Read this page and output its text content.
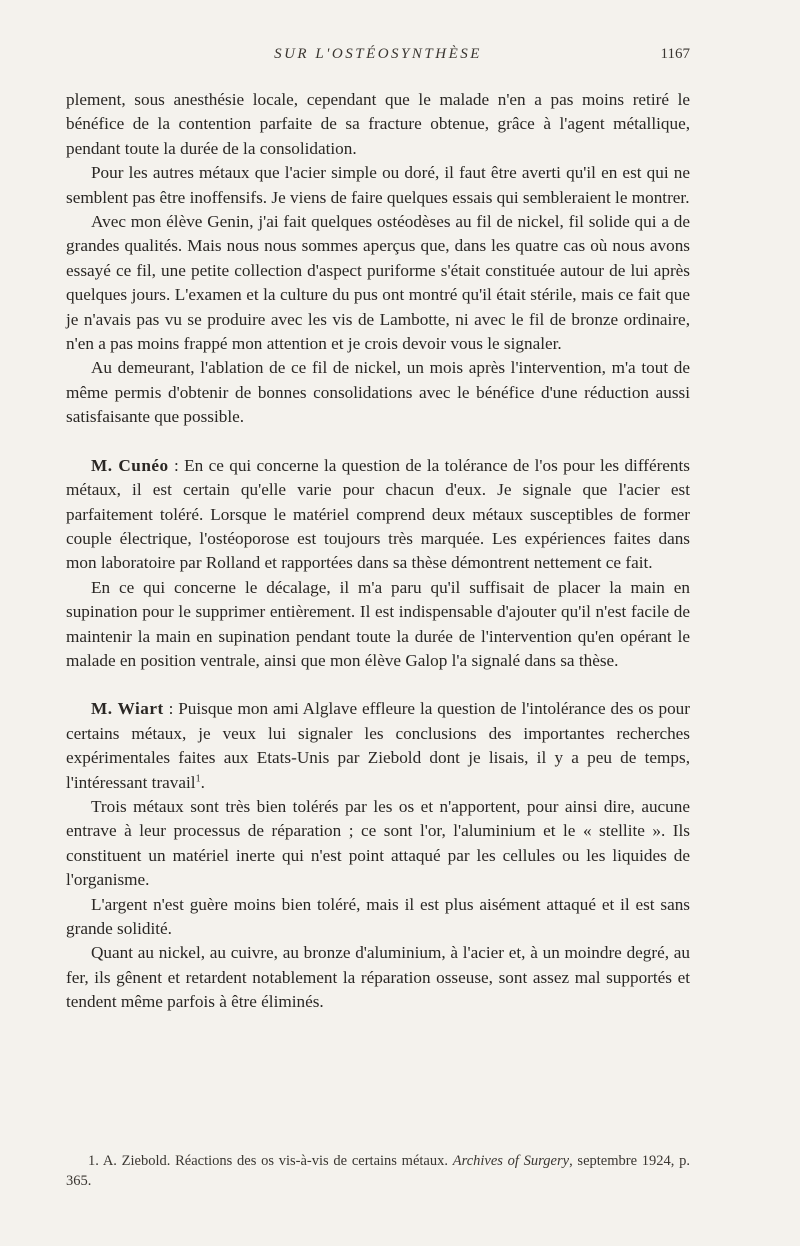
SUR L'OSTÉOSYNTHÈSE	1167

plement, sous anesthésie locale, cependant que le malade n'en a pas moins retiré le bénéfice de la contention parfaite de sa fracture obtenue, grâce à l'agent métallique, pendant toute la durée de la consolidation.

Pour les autres métaux que l'acier simple ou doré, il faut être averti qu'il en est qui ne semblent pas être inoffensifs. Je viens de faire quelques essais qui sembleraient le montrer.

Avec mon élève Genin, j'ai fait quelques ostéodèses au fil de nickel, fil solide qui a de grandes qualités. Mais nous nous sommes aperçus que, dans les quatre cas où nous avons essayé ce fil, une petite collection d'aspect puriforme s'était constituée autour de lui après quelques jours. L'examen et la culture du pus ont montré qu'il était stérile, mais ce fait que je n'avais pas vu se produire avec les vis de Lambotte, ni avec le fil de bronze ordinaire, n'en a pas moins frappé mon attention et je crois devoir vous le signaler.

Au demeurant, l'ablation de ce fil de nickel, un mois après l'intervention, m'a tout de même permis d'obtenir de bonnes consolidations avec le bénéfice d'une réduction aussi satisfaisante que possible.

M. Cunéo : En ce qui concerne la question de la tolérance de l'os pour les différents métaux, il est certain qu'elle varie pour chacun d'eux. Je signale que l'acier est parfaitement toléré. Lorsque le matériel comprend deux métaux susceptibles de former couple électrique, l'ostéoporose est toujours très marquée. Les expériences faites dans mon laboratoire par Rolland et rapportées dans sa thèse démontrent nettement ce fait.

En ce qui concerne le décalage, il m'a paru qu'il suffisait de placer la main en supination pour le supprimer entièrement. Il est indispensable d'ajouter qu'il n'est facile de maintenir la main en supination pendant toute la durée de l'intervention qu'en opérant le malade en position ventrale, ainsi que mon élève Galop l'a signalé dans sa thèse.

M. Wiart : Puisque mon ami Alglave effleure la question de l'intolérance des os pour certains métaux, je veux lui signaler les conclusions des importantes recherches expérimentales faites aux Etats-Unis par Ziebold dont je lisais, il y a peu de temps, l'intéressant travail$^1$.

Trois métaux sont très bien tolérés par les os et n'apportent, pour ainsi dire, aucune entrave à leur processus de réparation ; ce sont l'or, l'aluminium et le « stellite ». Ils constituent un matériel inerte qui n'est point attaqué par les cellules ou les liquides de l'organisme.

L'argent n'est guère moins bien toléré, mais il est plus aisément attaqué et il est sans grande solidité.

Quant au nickel, au cuivre, au bronze d'aluminium, à l'acier et, à un moindre degré, au fer, ils gênent et retardent notablement la réparation osseuse, sont assez mal supportés et tendent même parfois à être éliminés.

1. A. Ziebold. Réactions des os vis-à-vis de certains métaux. Archives of Surgery, septembre 1924, p. 365.
